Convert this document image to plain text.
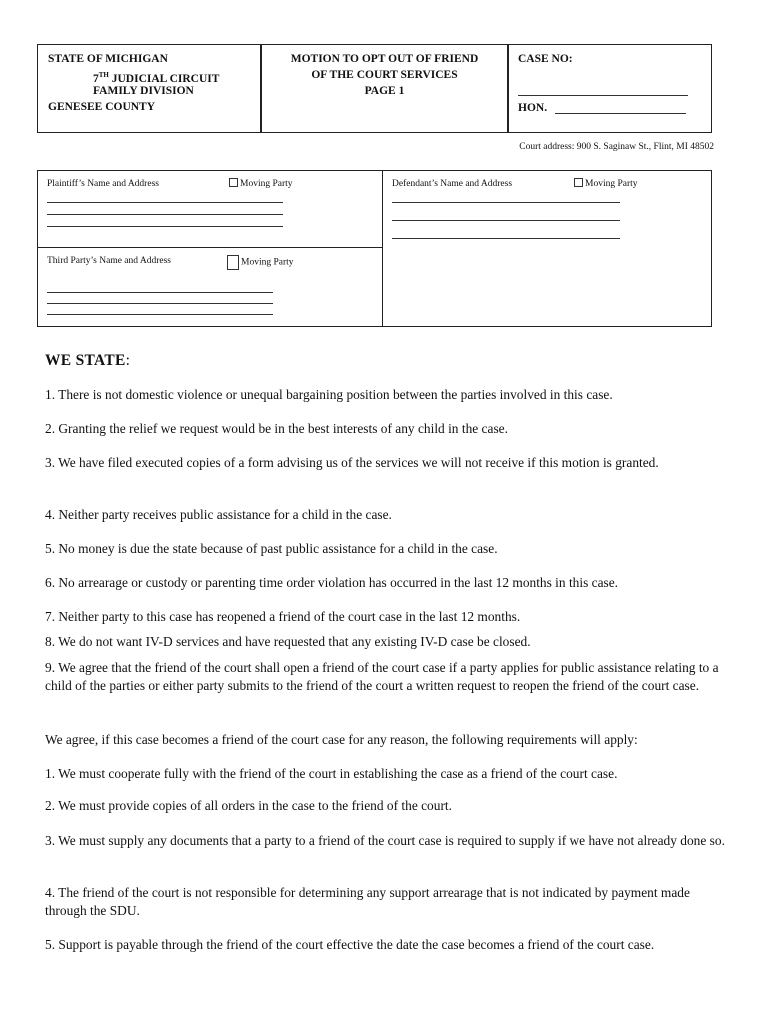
STATE OF MICHIGAN
7TH JUDICIAL CIRCUIT
FAMILY DIVISION
GENESEE COUNTY
MOTION TO OPT OUT OF FRIEND
OF THE COURT SERVICES
PAGE 1
CASE NO:
HON.
Court address: 900 S. Saginaw St., Flint, MI 48502
Plaintiff’s Name and Address	Moving Party	Defendant’s Name and Address	Moving Party
Third Party’s Name and Address	Moving Party
WE STATE:

1. There is not domestic violence or unequal bargaining position between the parties involved in this case.

2. Granting the relief we request would be in the best interests of any child in the case.

3. We have filed executed copies of a form advising us of the services we will not receive if this motion is granted.

4. Neither party receives public assistance for a child in the case.

5. No money is due the state because of past public assistance for a child in the case.

6. No arrearage or custody or parenting time order violation has occurred in the last 12 months in this case.

7. Neither party to this case has reopened a friend of the court case in the last 12 months.

8. We do not want IV-D services and have requested that any existing IV-D case be closed.

9. We agree that the friend of the court shall open a friend of the court case if a party applies for public assistance relating to a child of the parties or either party submits to the friend of the court a written request to reopen the friend of the court case.

We agree, if this case becomes a friend of the court case for any reason, the following requirements will apply:

1. We must cooperate fully with the friend of the court in establishing the case as a friend of the court case.

2. We must provide copies of all orders in the case to the friend of the court.

3. We must supply any documents that a party to a friend of the court case is required to supply if we have not already done so.

4. The friend of the court is not responsible for determining any support arrearage that is not indicated by payment made through the SDU.

5. Support is payable through the friend of the court effective the date the case becomes a friend of the court case.
